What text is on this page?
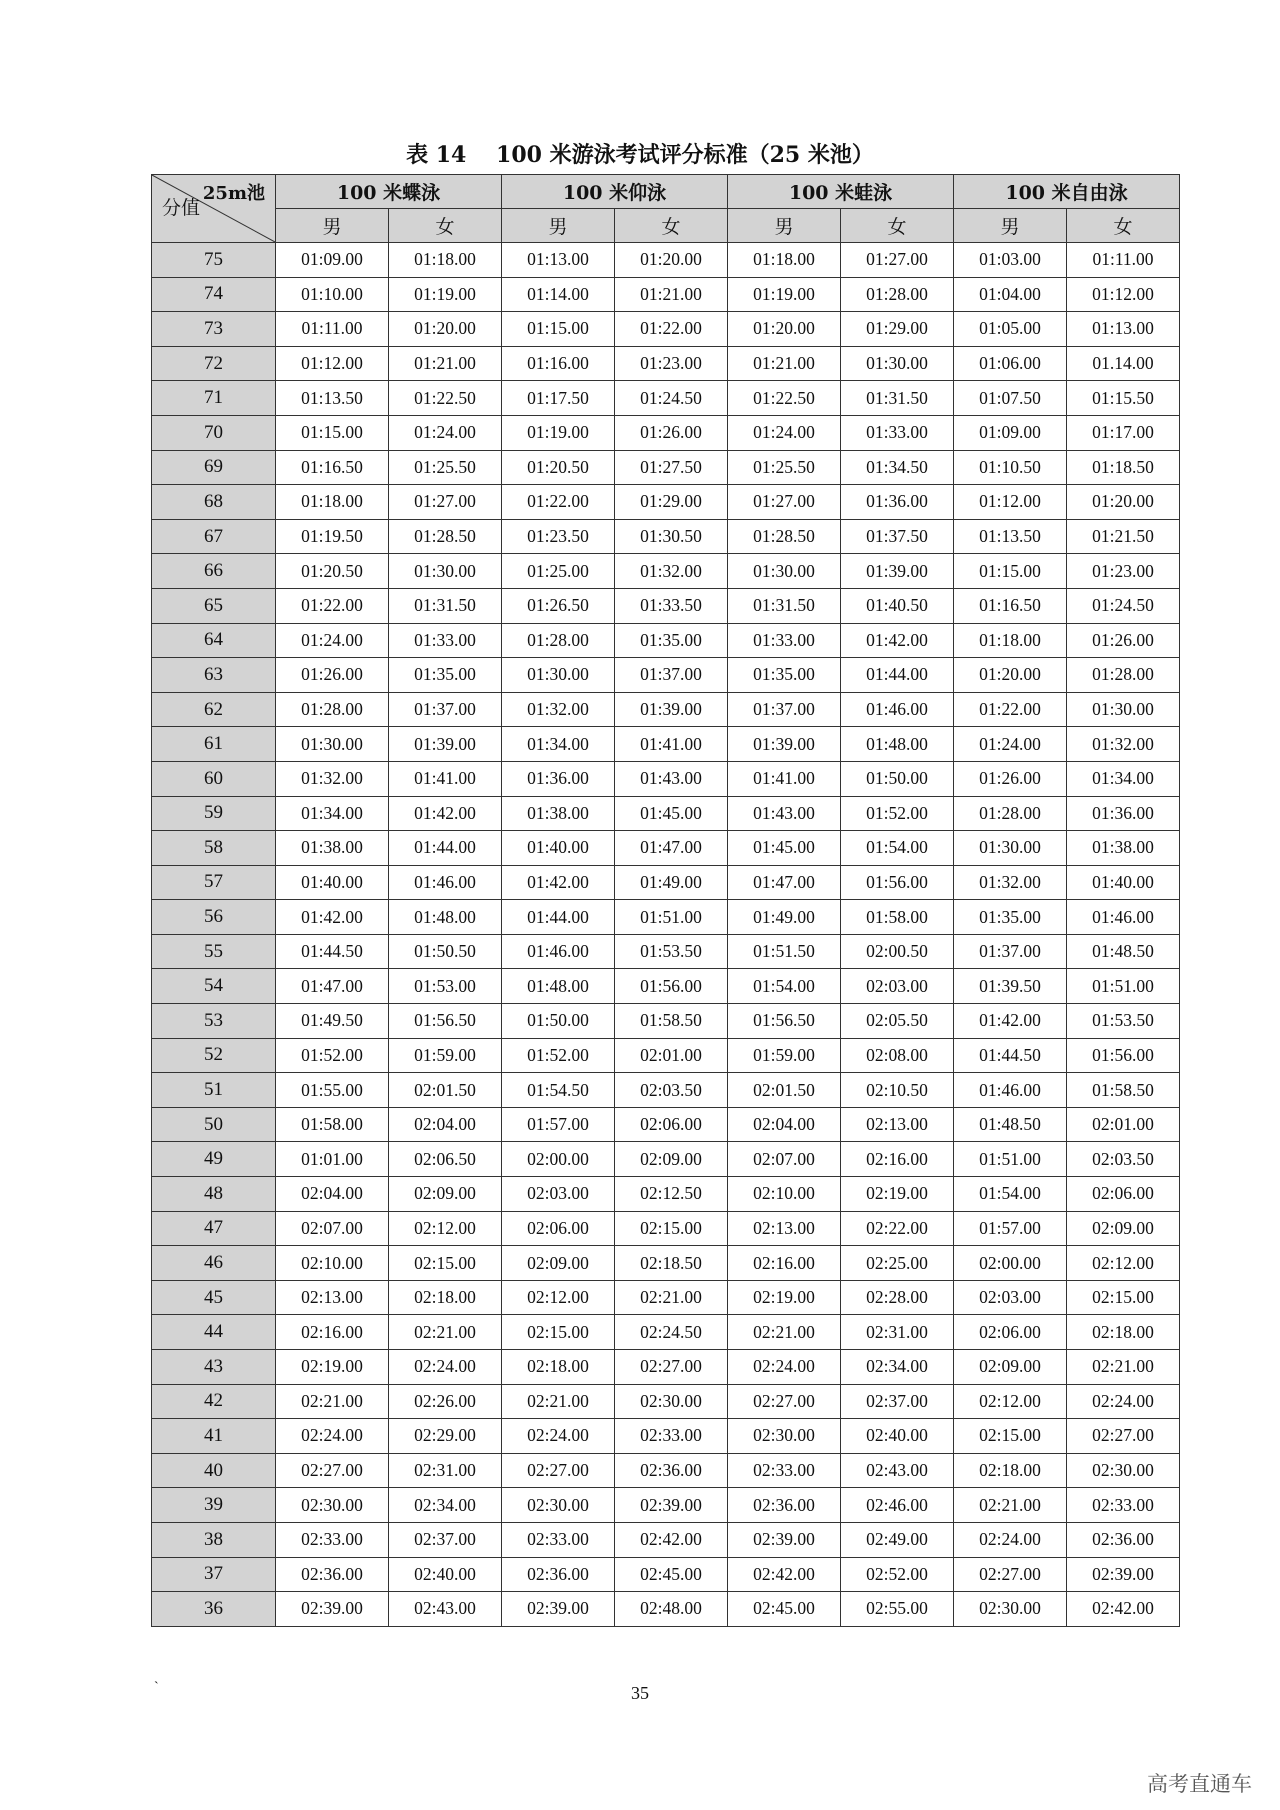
表 14　 100 米游泳考试评分标准（25 米池）
25m池
分值	100 米蝶泳		100 米仰泳		100 米蛙泳		100 米自由泳	
	男	女	男	女	男	女	男	女
75	01:09.00	01:18.00	01:13.00	01:20.00	01:18.00	01:27.00	01:03.00	01:11.00
74	01:10.00	01:19.00	01:14.00	01:21.00	01:19.00	01:28.00	01:04.00	01:12.00
73	01:11.00	01:20.00	01:15.00	01:22.00	01:20.00	01:29.00	01:05.00	01:13.00
72	01:12.00	01:21.00	01:16.00	01:23.00	01:21.00	01:30.00	01:06.00	01.14.00
71	01:13.50	01:22.50	01:17.50	01:24.50	01:22.50	01:31.50	01:07.50	01:15.50
70	01:15.00	01:24.00	01:19.00	01:26.00	01:24.00	01:33.00	01:09.00	01:17.00
69	01:16.50	01:25.50	01:20.50	01:27.50	01:25.50	01:34.50	01:10.50	01:18.50
68	01:18.00	01:27.00	01:22.00	01:29.00	01:27.00	01:36.00	01:12.00	01:20.00
67	01:19.50	01:28.50	01:23.50	01:30.50	01:28.50	01:37.50	01:13.50	01:21.50
66	01:20.50	01:30.00	01:25.00	01:32.00	01:30.00	01:39.00	01:15.00	01:23.00
65	01:22.00	01:31.50	01:26.50	01:33.50	01:31.50	01:40.50	01:16.50	01:24.50
64	01:24.00	01:33.00	01:28.00	01:35.00	01:33.00	01:42.00	01:18.00	01:26.00
63	01:26.00	01:35.00	01:30.00	01:37.00	01:35.00	01:44.00	01:20.00	01:28.00
62	01:28.00	01:37.00	01:32.00	01:39.00	01:37.00	01:46.00	01:22.00	01:30.00
61	01:30.00	01:39.00	01:34.00	01:41.00	01:39.00	01:48.00	01:24.00	01:32.00
60	01:32.00	01:41.00	01:36.00	01:43.00	01:41.00	01:50.00	01:26.00	01:34.00
59	01:34.00	01:42.00	01:38.00	01:45.00	01:43.00	01:52.00	01:28.00	01:36.00
58	01:38.00	01:44.00	01:40.00	01:47.00	01:45.00	01:54.00	01:30.00	01:38.00
57	01:40.00	01:46.00	01:42.00	01:49.00	01:47.00	01:56.00	01:32.00	01:40.00
56	01:42.00	01:48.00	01:44.00	01:51.00	01:49.00	01:58.00	01:35.00	01:46.00
55	01:44.50	01:50.50	01:46.00	01:53.50	01:51.50	02:00.50	01:37.00	01:48.50
54	01:47.00	01:53.00	01:48.00	01:56.00	01:54.00	02:03.00	01:39.50	01:51.00
53	01:49.50	01:56.50	01:50.00	01:58.50	01:56.50	02:05.50	01:42.00	01:53.50
52	01:52.00	01:59.00	01:52.00	02:01.00	01:59.00	02:08.00	01:44.50	01:56.00
51	01:55.00	02:01.50	01:54.50	02:03.50	02:01.50	02:10.50	01:46.00	01:58.50
50	01:58.00	02:04.00	01:57.00	02:06.00	02:04.00	02:13.00	01:48.50	02:01.00
49	01:01.00	02:06.50	02:00.00	02:09.00	02:07.00	02:16.00	01:51.00	02:03.50
48	02:04.00	02:09.00	02:03.00	02:12.50	02:10.00	02:19.00	01:54.00	02:06.00
47	02:07.00	02:12.00	02:06.00	02:15.00	02:13.00	02:22.00	01:57.00	02:09.00
46	02:10.00	02:15.00	02:09.00	02:18.50	02:16.00	02:25.00	02:00.00	02:12.00
45	02:13.00	02:18.00	02:12.00	02:21.00	02:19.00	02:28.00	02:03.00	02:15.00
44	02:16.00	02:21.00	02:15.00	02:24.50	02:21.00	02:31.00	02:06.00	02:18.00
43	02:19.00	02:24.00	02:18.00	02:27.00	02:24.00	02:34.00	02:09.00	02:21.00
42	02:21.00	02:26.00	02:21.00	02:30.00	02:27.00	02:37.00	02:12.00	02:24.00
41	02:24.00	02:29.00	02:24.00	02:33.00	02:30.00	02:40.00	02:15.00	02:27.00
40	02:27.00	02:31.00	02:27.00	02:36.00	02:33.00	02:43.00	02:18.00	02:30.00
39	02:30.00	02:34.00	02:30.00	02:39.00	02:36.00	02:46.00	02:21.00	02:33.00
38	02:33.00	02:37.00	02:33.00	02:42.00	02:39.00	02:49.00	02:24.00	02:36.00
37	02:36.00	02:40.00	02:36.00	02:45.00	02:42.00	02:52.00	02:27.00	02:39.00
36	02:39.00	02:43.00	02:39.00	02:48.00	02:45.00	02:55.00	02:30.00	02:42.00
`	35
高考直通车
